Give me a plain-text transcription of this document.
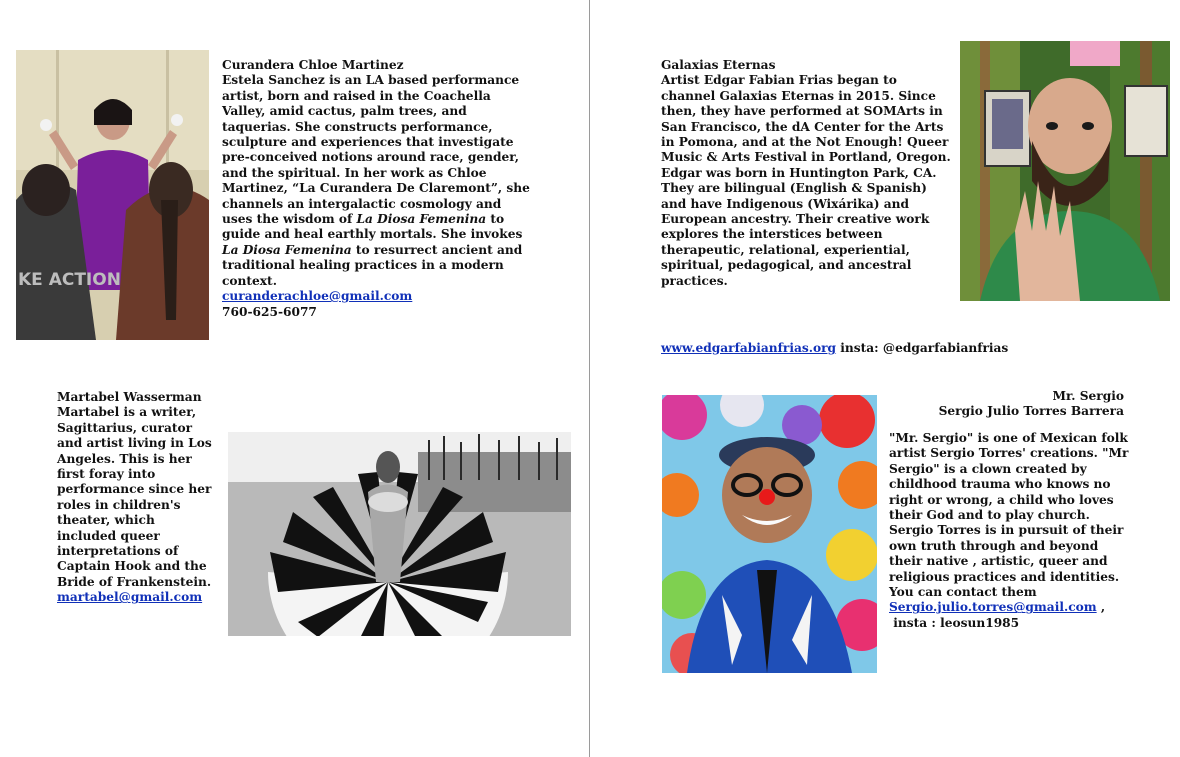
KE ACTION

Curandera Chloe Martinez

Estela Sanchez is an LA based performance artist, born and raised in the Coachella Valley, amid cactus, palm trees, and taquerias. She constructs performance, sculpture and experiences that investigate pre-conceived notions around race, gender, and the spiritual. In her work as Chloe Martinez, “La Curandera De Claremont”, she channels an intergalactic cosmology and uses the wisdom of La Diosa Femenina to guide and heal earthly mortals. She invokes La Diosa Femenina to resurrect ancient and traditional healing practices in a modern context.

curanderachloe@gmail.com

760-625-6077

Martabel Wasserman

Martabel is a writer, Sagittarius, curator and artist living in Los Angeles. This is her first foray into performance since her roles in children's theater, which included queer interpretations of Captain Hook and the Bride of Frankenstein.

martabel@gmail.com

Galaxias Eternas

Artist Edgar Fabian Frias began to channel Galaxias Eternas in 2015. Since then, they have performed at SOMArts in San Francisco, the dA Center for the Arts in Pomona, and at the Not Enough! Queer Music & Arts Festival in Portland, Oregon.

Edgar was born in Huntington Park, CA. They are bilingual (English & Spanish) and have Indigenous (Wixárika) and European ancestry. Their creative work explores the interstices between therapeutic, relational, experiential, spiritual, pedagogical, and ancestral practices.

www.edgarfabianfrias.org insta: @edgarfabianfrias

Mr. Sergio

Sergio Julio Torres Barrera

"Mr. Sergio" is one of Mexican folk artist Sergio Torres' creations. "Mr Sergio" is a clown created by childhood trauma who knows no right or wrong, a child who loves their God and to play church. Sergio Torres is in pursuit of their own truth through and beyond their native , artistic, queer and religious practices and identities.

You can contact them

Sergio.julio.torres@gmail.com ,

insta : leosun1985
